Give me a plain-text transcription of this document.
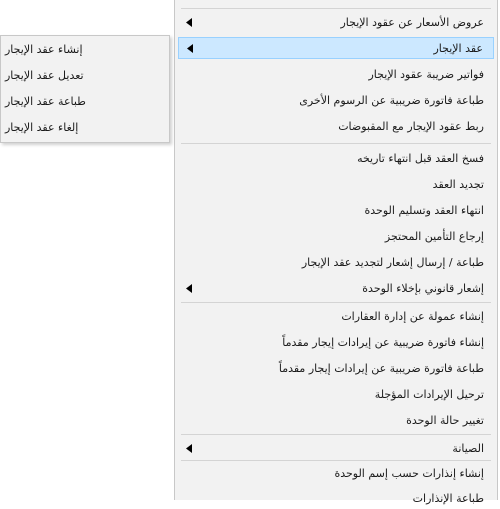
عروض الأسعار عن عقود الإيجار
عقد الإيجار
فواتير ضريبة عقود الإيجار
طباعة فاتورة ضريبية عن الرسوم الأخرى
ربط عقود الإيجار مع المقبوضات
فسخ العقد قبل انتهاء تاريخه
تجديد العقد
انتهاء العقد وتسليم الوحدة
إرجاع التأمين المحتجز
طباعة / إرسال إشعار لتجديد عقد الإيجار
إشعار قانوني بإخلاء الوحدة
إنشاء عمولة عن إدارة العقارات
إنشاء فاتورة ضريبية عن إيرادات إيجار مقدماً
طباعة فاتورة ضريبية عن إيرادات إيجار مقدماً
ترحيل الإيرادات المؤجلة
تغيير حالة الوحدة
الصيانة
إنشاء إنذارات حسب إسم الوحدة
طباعة الإنذارات
إنشاء عقد الإيجار
تعديل عقد الإيجار
طباعة عقد الإيجار
إلغاء عقد الإيجار
